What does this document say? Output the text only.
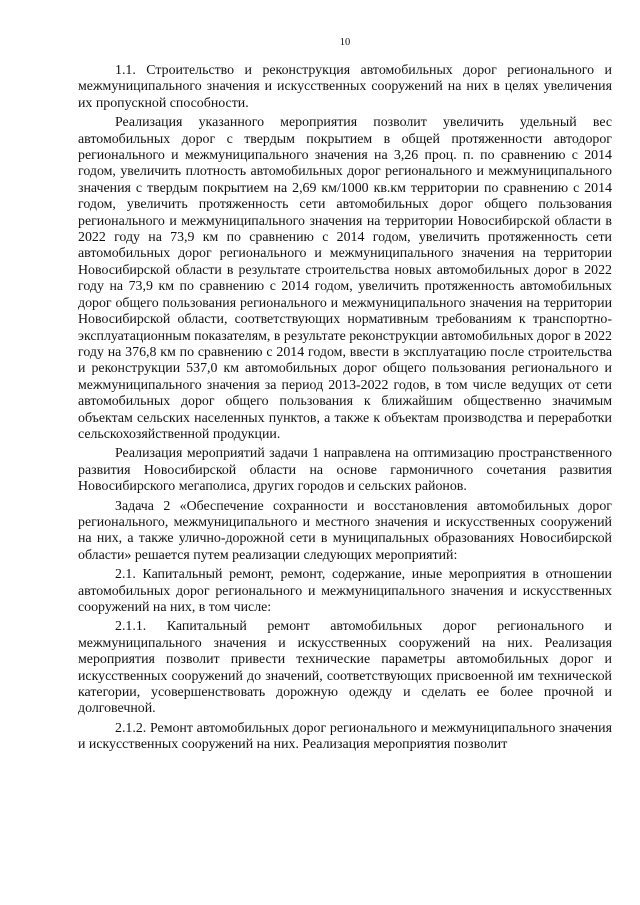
10

1.1. Строительство и реконструкция автомобильных дорог регионального и межмуниципального значения и искусственных сооружений на них в целях увеличения их пропускной способности.

Реализация указанного мероприятия позволит увеличить удельный вес автомобильных дорог с твердым покрытием в общей протяженности автодорог регионального и межмуниципального значения на 3,26 проц. п. по сравнению с 2014 годом, увеличить плотность автомобильных дорог регионального и межмуниципального значения с твердым покрытием на 2,69 км/1000 кв.км территории по сравнению с 2014 годом, увеличить протяженность сети автомобильных дорог общего пользования регионального и межмуниципального значения на территории Новосибирской области в 2022 году на 73,9 км по сравнению с 2014 годом, увеличить протяженность сети автомобильных дорог регионального и межмуниципального значения на территории Новосибирской области в результате строительства новых автомобильных дорог в 2022 году на 73,9 км по сравнению с 2014 годом, увеличить протяженность автомобильных дорог общего пользования регионального и межмуниципального значения на территории Новосибирской области, соответствующих нормативным требованиям к транспортно-эксплуатационным показателям, в результате реконструкции автомобильных дорог в 2022 году на 376,8 км по сравнению с 2014 годом, ввести в эксплуатацию после строительства и реконструкции 537,0 км автомобильных дорог общего пользования регионального и межмуниципального значения за период 2013-2022 годов, в том числе ведущих от сети автомобильных дорог общего пользования к ближайшим общественно значимым объектам сельских населенных пунктов, а также к объектам производства и переработки сельскохозяйственной продукции.

Реализация мероприятий задачи 1 направлена на оптимизацию пространственного развития Новосибирской области на основе гармоничного сочетания развития Новосибирского мегаполиса, других городов и сельских районов.

Задача 2 «Обеспечение сохранности и восстановления автомобильных дорог регионального, межмуниципального и местного значения и искусственных сооружений на них, а также улично-дорожной сети в муниципальных образованиях Новосибирской области» решается путем реализации следующих мероприятий:

2.1. Капитальный ремонт, ремонт, содержание, иные мероприятия в отношении автомобильных дорог регионального и межмуниципального значения и искусственных сооружений на них, в том числе:

2.1.1. Капитальный ремонт автомобильных дорог регионального и межмуниципального значения и искусственных сооружений на них. Реализация мероприятия позволит привести технические параметры автомобильных дорог и искусственных сооружений до значений, соответствующих присвоенной им технической категории, усовершенствовать дорожную одежду и сделать ее более прочной и долговечной.

2.1.2. Ремонт автомобильных дорог регионального и межмуниципального значения и искусственных сооружений на них. Реализация мероприятия позволит
